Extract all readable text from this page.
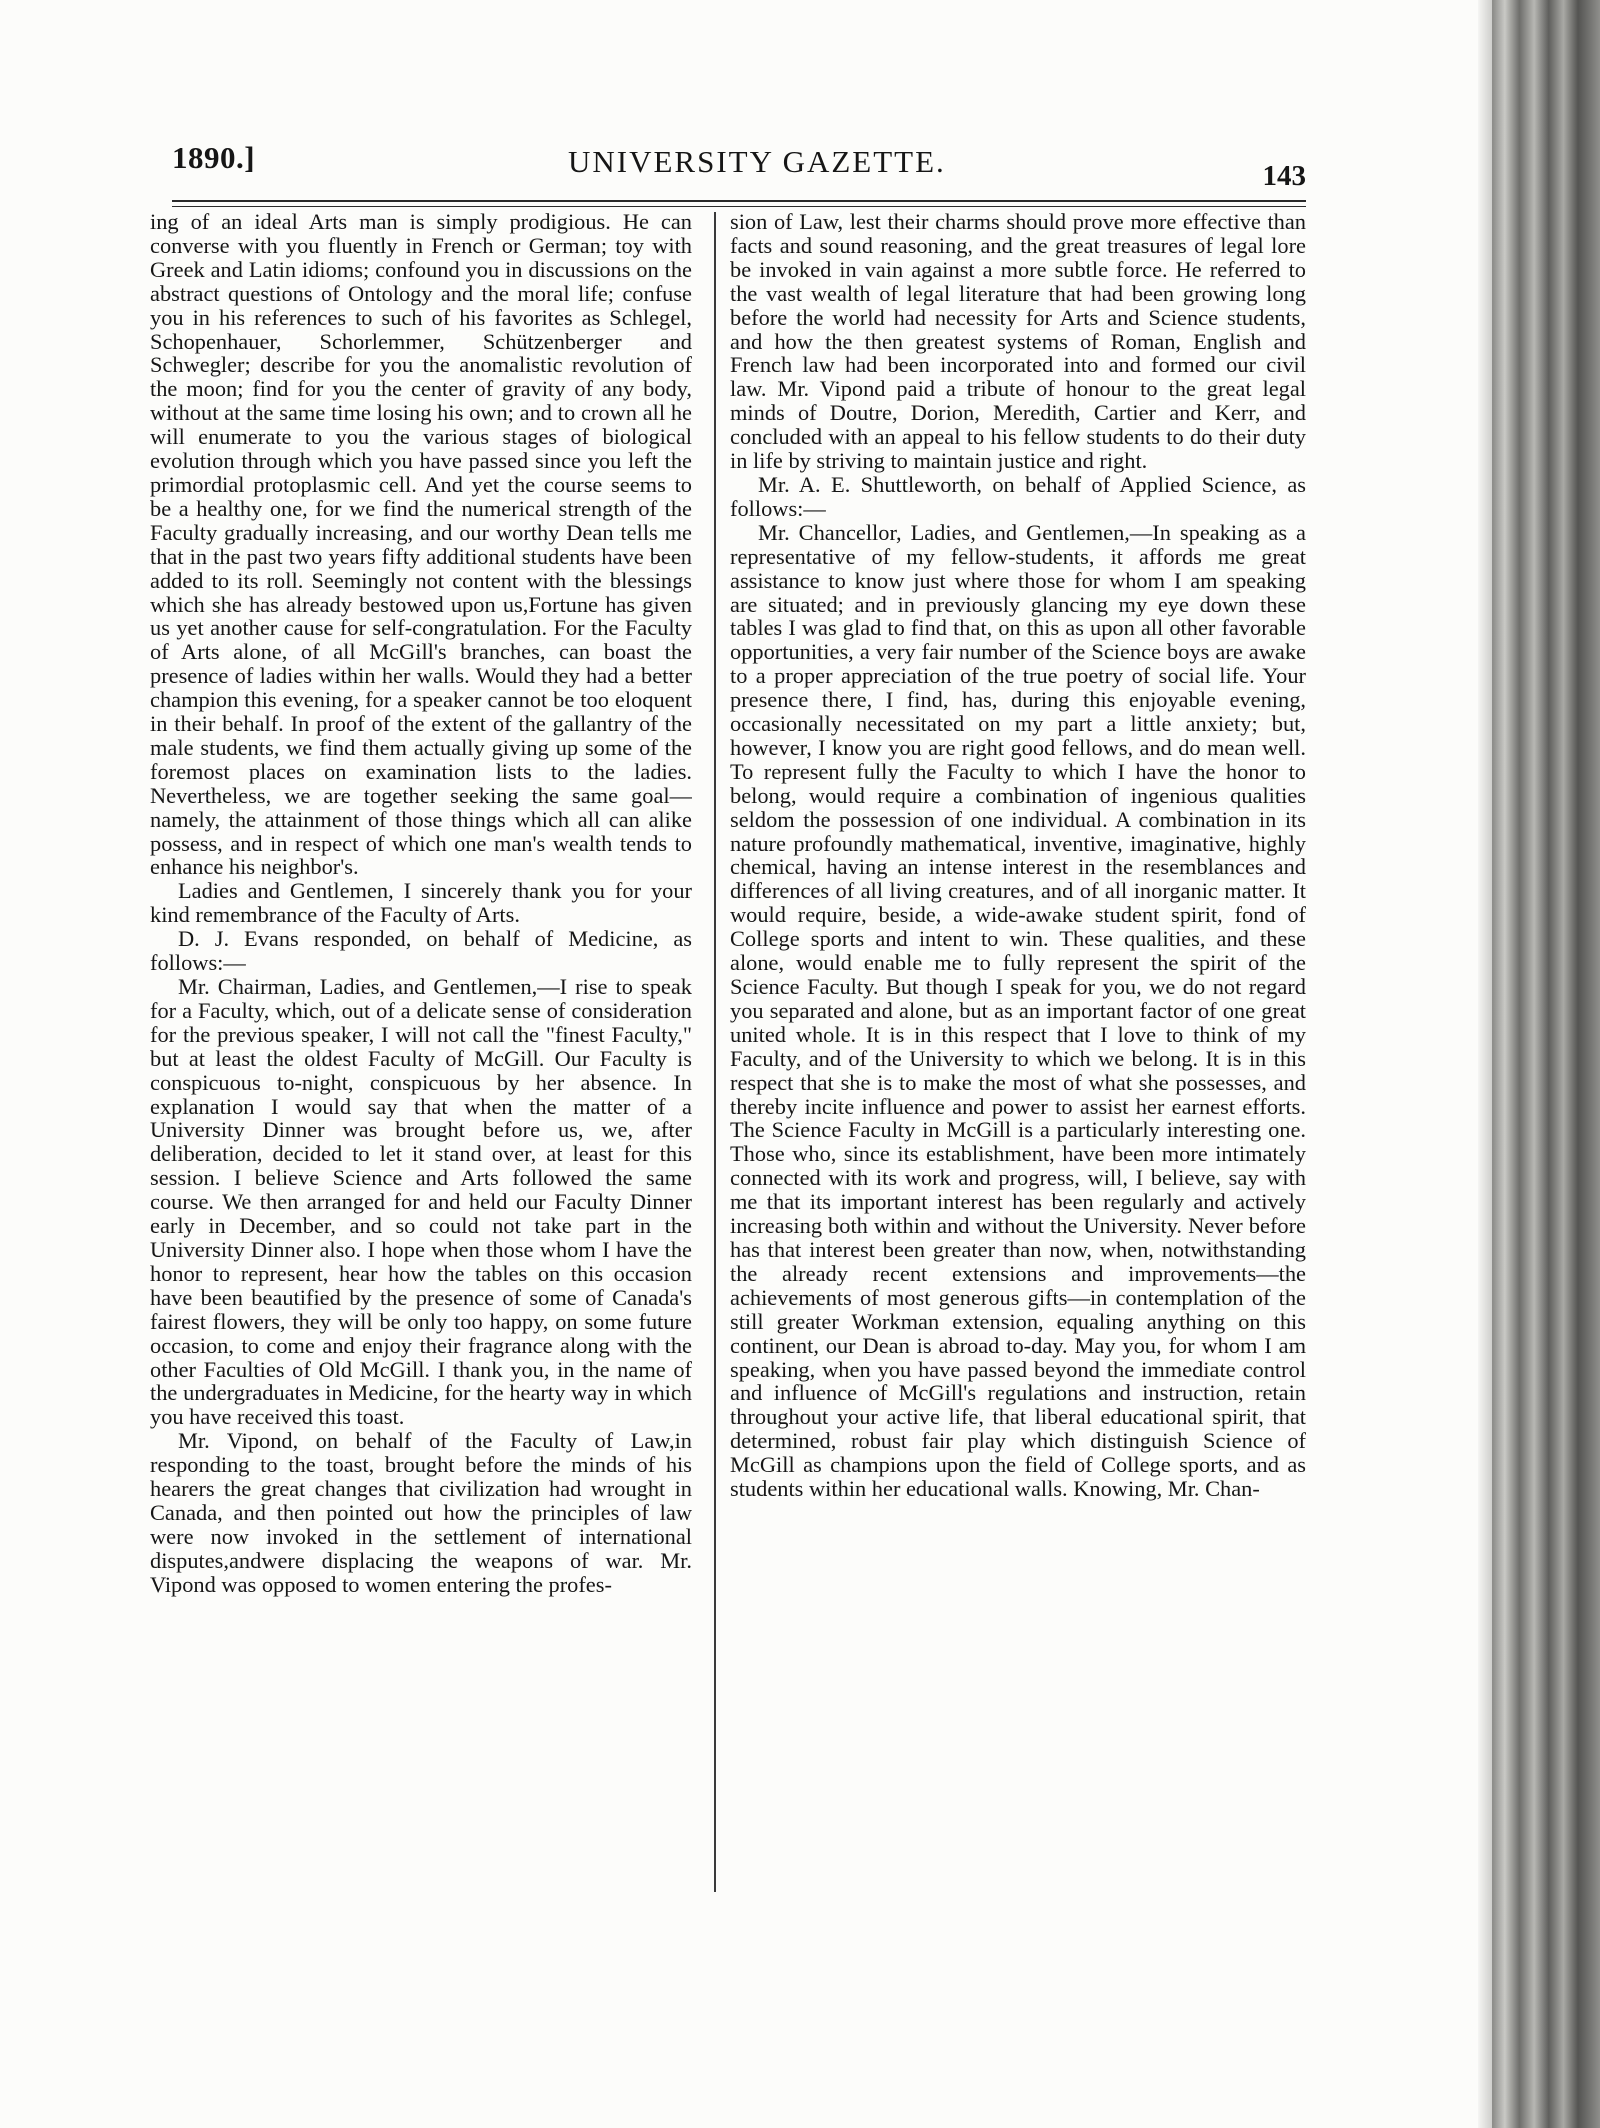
1890.]	UNIVERSITY GAZETTE.	143

ing of an ideal Arts man is simply prodigious. He can converse with you fluently in French or German; toy with Greek and Latin idioms; confound you in discussions on the abstract questions of Ontology and the moral life; confuse you in his references to such of his favorites as Schlegel, Schopenhauer, Schorlemmer, Schützenberger and Schwegler; describe for you the anomalistic revolution of the moon; find for you the center of gravity of any body, without at the same time losing his own; and to crown all he will enumerate to you the various stages of biological evolution through which you have passed since you left the primordial protoplasmic cell. And yet the course seems to be a healthy one, for we find the numerical strength of the Faculty gradually increasing, and our worthy Dean tells me that in the past two years fifty additional students have been added to its roll. Seemingly not content with the blessings which she has already bestowed upon us,Fortune has given us yet another cause for self-congratulation. For the Faculty of Arts alone, of all McGill's branches, can boast the presence of ladies within her walls. Would they had a better champion this evening, for a speaker cannot be too eloquent in their behalf. In proof of the extent of the gallantry of the male students, we find them actually giving up some of the foremost places on examination lists to the ladies. Nevertheless, we are together seeking the same goal—namely, the attainment of those things which all can alike possess, and in respect of which one man's wealth tends to enhance his neighbor's.

Ladies and Gentlemen, I sincerely thank you for your kind remembrance of the Faculty of Arts.

D. J. Evans responded, on behalf of Medicine, as follows:—

Mr. Chairman, Ladies, and Gentlemen,—I rise to speak for a Faculty, which, out of a delicate sense of consideration for the previous speaker, I will not call the "finest Faculty," but at least the oldest Faculty of McGill. Our Faculty is conspicuous to-night, conspicuous by her absence. In explanation I would say that when the matter of a University Dinner was brought before us, we, after deliberation, decided to let it stand over, at least for this session. I believe Science and Arts followed the same course. We then arranged for and held our Faculty Dinner early in December, and so could not take part in the University Dinner also. I hope when those whom I have the honor to represent, hear how the tables on this occasion have been beautified by the presence of some of Canada's fairest flowers, they will be only too happy, on some future occasion, to come and enjoy their fragrance along with the other Faculties of Old McGill. I thank you, in the name of the undergraduates in Medicine, for the hearty way in which you have received this toast.

Mr. Vipond, on behalf of the Faculty of Law,in responding to the toast, brought before the minds of his hearers the great changes that civilization had wrought in Canada, and then pointed out how the principles of law were now invoked in the settlement of international disputes,andwere displacing the weapons of war. Mr. Vipond was opposed to women entering the profes-

sion of Law, lest their charms should prove more effective than facts and sound reasoning, and the great treasures of legal lore be invoked in vain against a more subtle force. He referred to the vast wealth of legal literature that had been growing long before the world had necessity for Arts and Science students, and how the then greatest systems of Roman, English and French law had been incorporated into and formed our civil law. Mr. Vipond paid a tribute of honour to the great legal minds of Doutre, Dorion, Meredith, Cartier and Kerr, and concluded with an appeal to his fellow students to do their duty in life by striving to maintain justice and right.

Mr. A. E. Shuttleworth, on behalf of Applied Science, as follows:—

Mr. Chancellor, Ladies, and Gentlemen,—In speaking as a representative of my fellow-students, it affords me great assistance to know just where those for whom I am speaking are situated; and in previously glancing my eye down these tables I was glad to find that, on this as upon all other favorable opportunities, a very fair number of the Science boys are awake to a proper appreciation of the true poetry of social life. Your presence there, I find, has, during this enjoyable evening, occasionally necessitated on my part a little anxiety; but, however, I know you are right good fellows, and do mean well. To represent fully the Faculty to which I have the honor to belong, would require a combination of ingenious qualities seldom the possession of one individual. A combination in its nature profoundly mathematical, inventive, imaginative, highly chemical, having an intense interest in the resemblances and differences of all living creatures, and of all inorganic matter. It would require, beside, a wide-awake student spirit, fond of College sports and intent to win. These qualities, and these alone, would enable me to fully represent the spirit of the Science Faculty. But though I speak for you, we do not regard you separated and alone, but as an important factor of one great united whole. It is in this respect that I love to think of my Faculty, and of the University to which we belong. It is in this respect that she is to make the most of what she possesses, and thereby incite influence and power to assist her earnest efforts. The Science Faculty in McGill is a particularly interesting one. Those who, since its establishment, have been more intimately connected with its work and progress, will, I believe, say with me that its important interest has been regularly and actively increasing both within and without the University. Never before has that interest been greater than now, when, notwithstanding the already recent extensions and improvements—the achievements of most generous gifts—in contemplation of the still greater Workman extension, equaling anything on this continent, our Dean is abroad to-day. May you, for whom I am speaking, when you have passed beyond the immediate control and influence of McGill's regulations and instruction, retain throughout your active life, that liberal educational spirit, that determined, robust fair play which distinguish Science of McGill as champions upon the field of College sports, and as students within her educational walls. Knowing, Mr. Chan-
